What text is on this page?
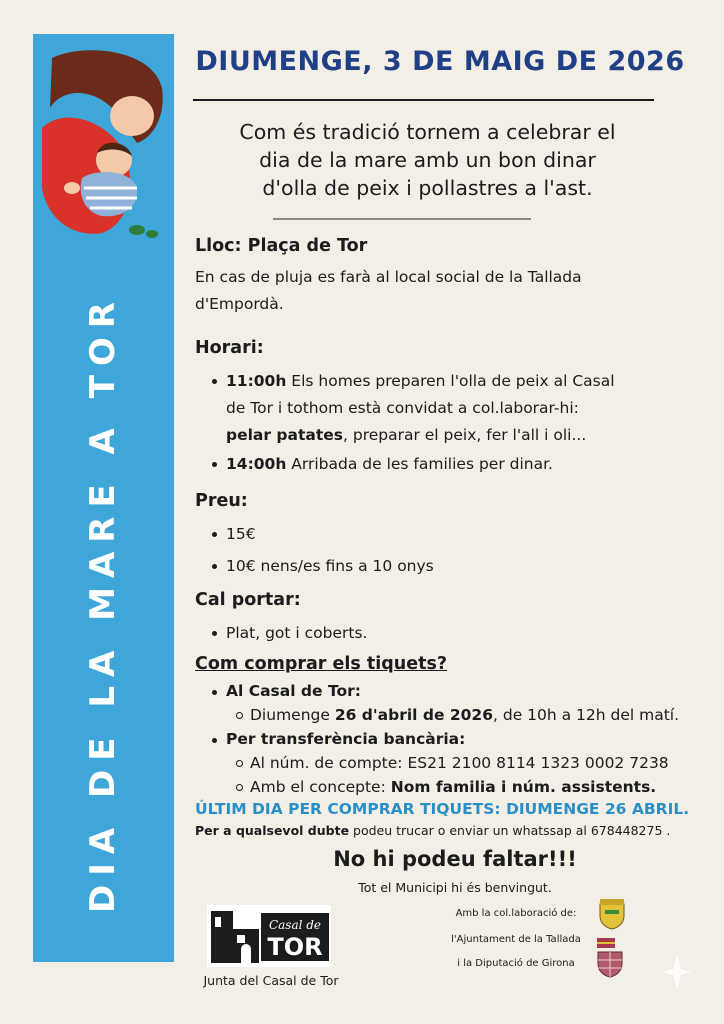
DIA DE LA MARE A TOR
DIUMENGE, 3 DE MAIG DE 2026
Com és tradició tornem a celebrar el
dia de la mare amb un bon dinar
d'olla de peix i pollastres a l'ast.
Lloc: Plaça de Tor
En cas de pluja es farà al local social de la Tallada
d'Empordà.
Horari:
11:00h Els homes preparen l'olla de peix al Casal
de Tor i tothom està convidat a col.laborar-hi:
pelar patates, preparar el peix, fer l'all i oli...
14:00h Arribada de les families per dinar.
Preu:
15€
10€ nens/es fins a 10 onys
Cal portar:
Plat, got i coberts.
Com comprar els tiquets?
Al Casal de Tor:
Diumenge 26 d'abril de 2026, de 10h a 12h del matí.
Per transferència bancària:
Al núm. de compte: ES21 2100 8114 1323 0002 7238
Amb el concepte: Nom familia i núm. assistents.
ÚLTIM DIA PER COMPRAR TIQUETS: DIUMENGE 26 ABRIL.
Per a qualsevol dubte podeu trucar o enviar un whatssap al 678448275 .
No hi podeu faltar!!!
Tot el Municipi hi és benvingut.
Casal de
TOR
Junta del Casal de Tor
Amb la col.laboració de:
l'Ajuntament de la Tallada
i la Diputació de Girona
